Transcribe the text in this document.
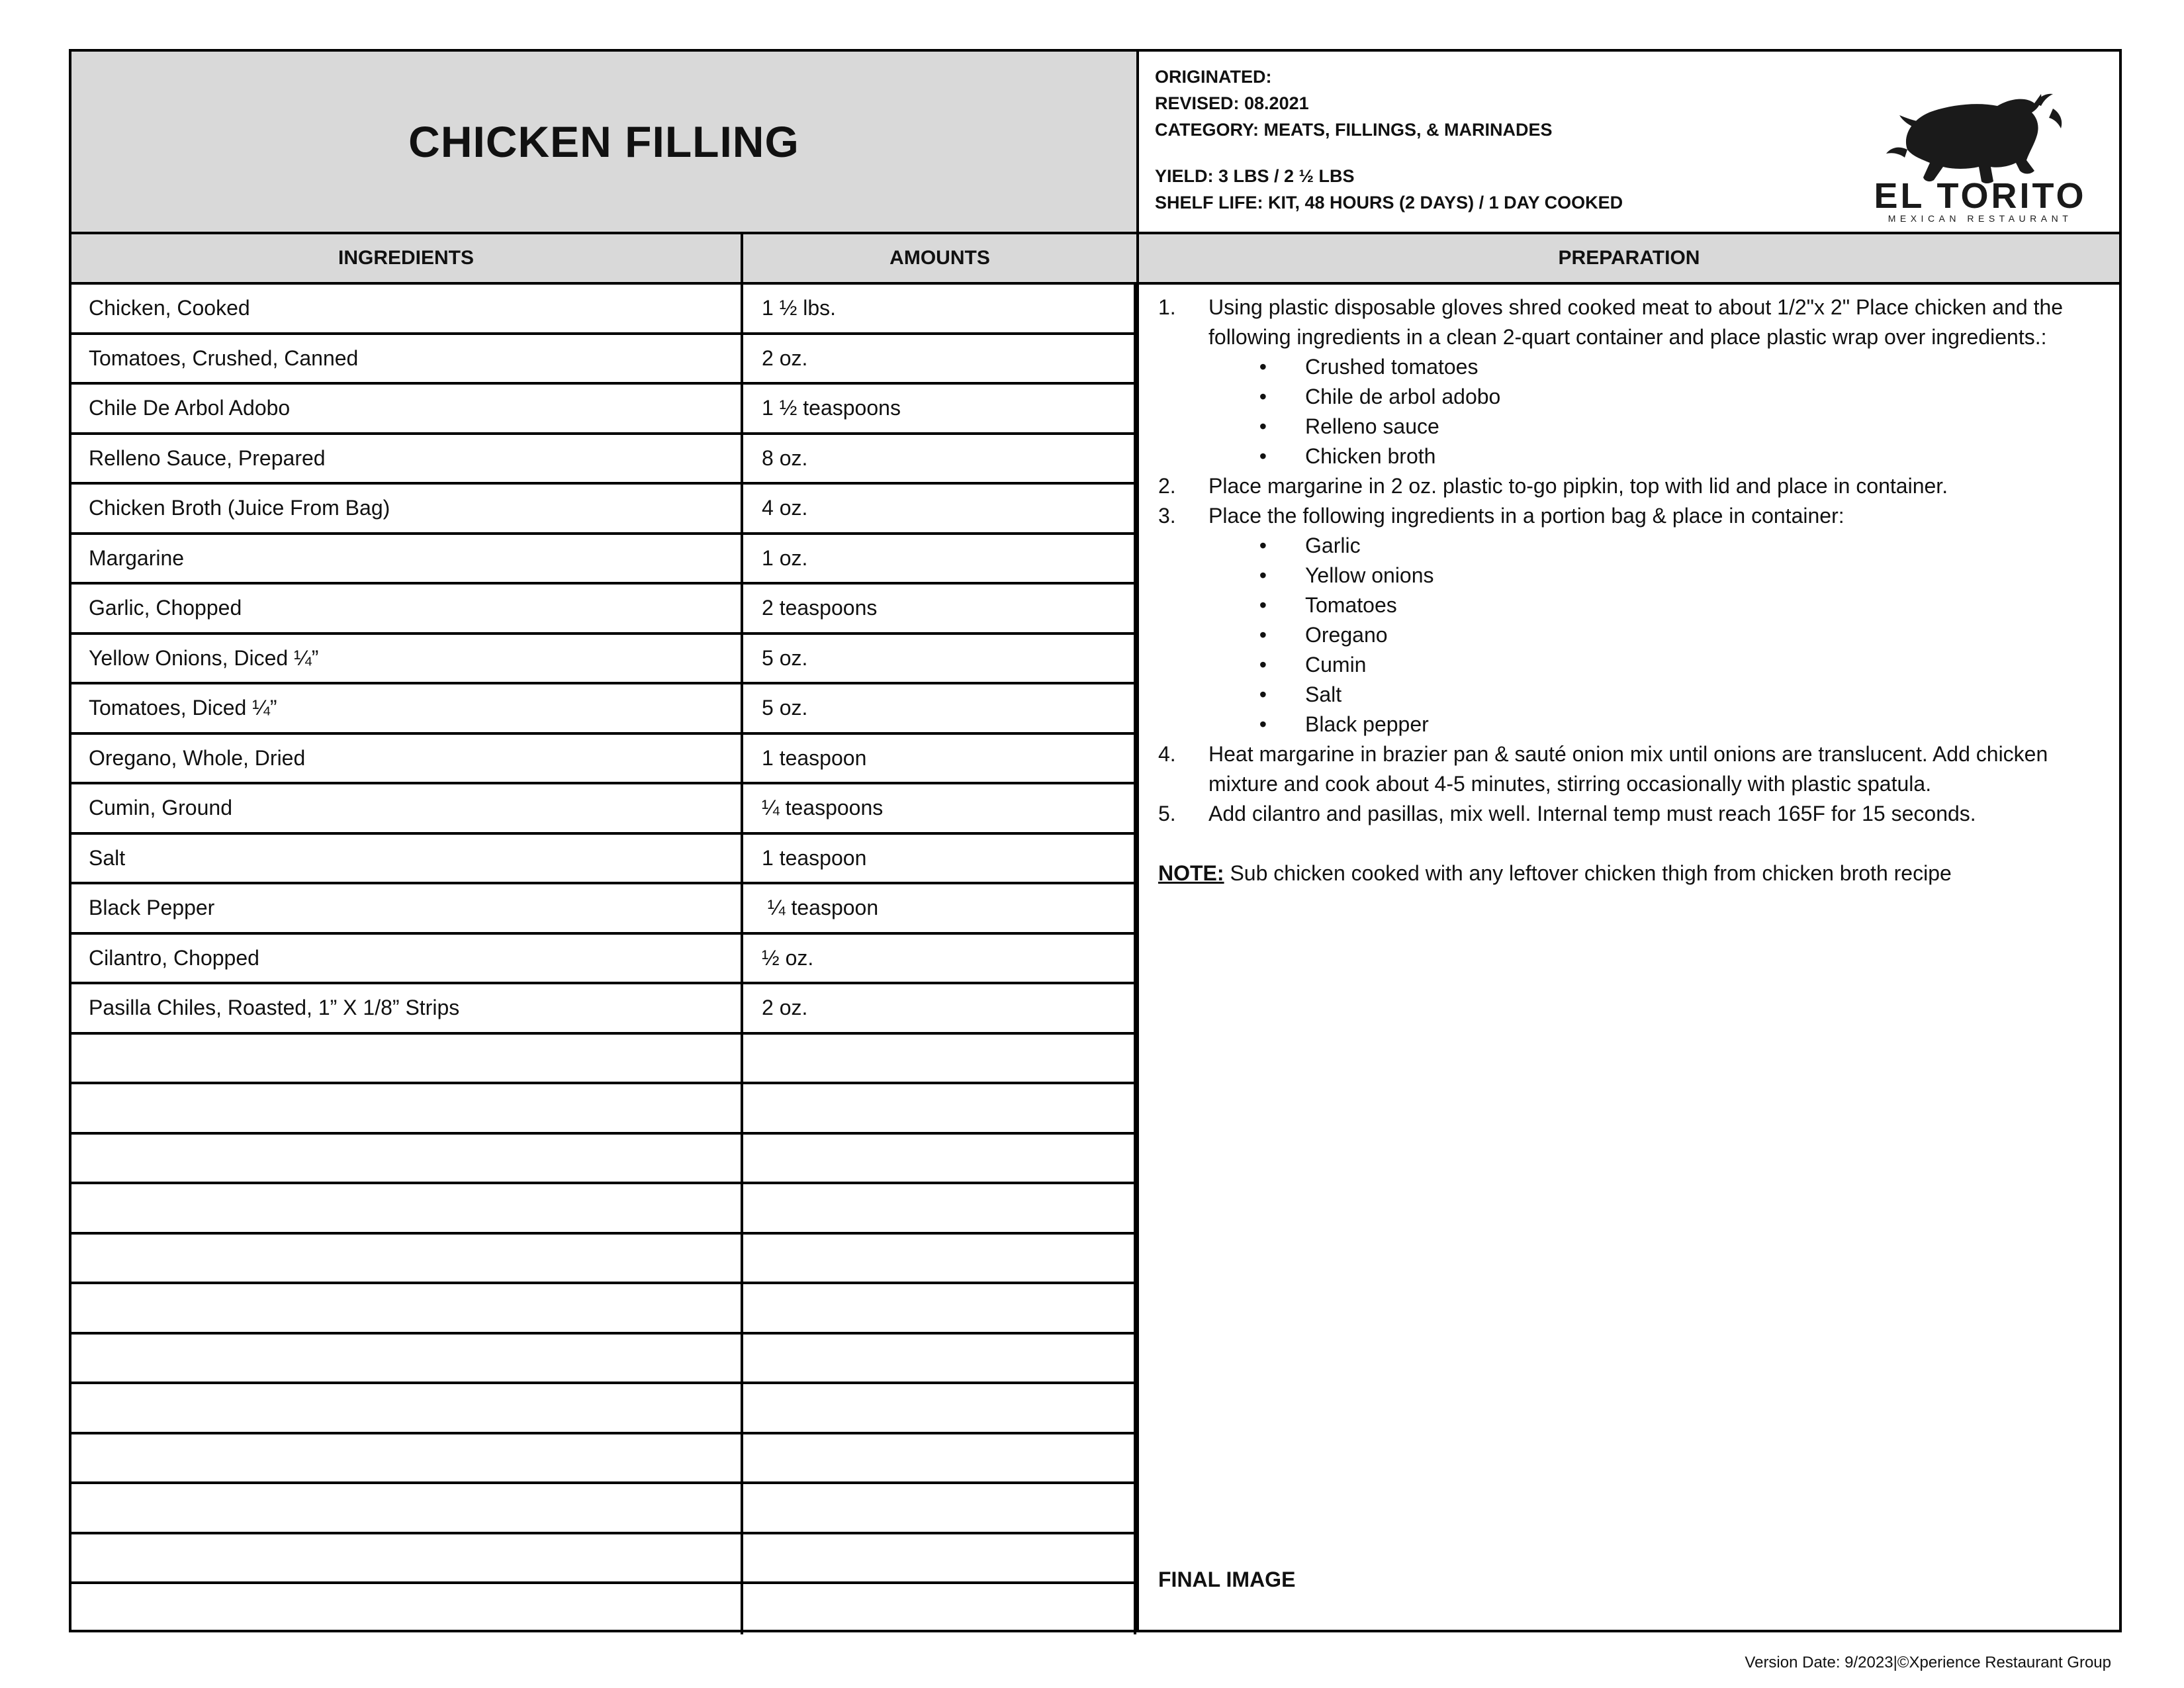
CHICKEN FILLING
ORIGINATED:
REVISED: 08.2021
CATEGORY: MEATS, FILLINGS, & MARINADES
YIELD: 3 LBS / 2 ½ LBS
SHELF LIFE: KIT, 48 HOURS (2 DAYS) / 1 DAY COOKED	EL TORITO
MEXICAN RESTAURANT
INGREDIENTS	AMOUNTS	PREPARATION
Chicken, Cooked	1 ½ lbs.
Tomatoes, Crushed, Canned	2 oz.
Chile De Arbol Adobo	1 ½ teaspoons
Relleno Sauce, Prepared	8 oz.
Chicken Broth (Juice From Bag)	4 oz.
Margarine	1 oz.
Garlic, Chopped	2 teaspoons
Yellow Onions, Diced ¼”	5 oz.
Tomatoes, Diced ¼”	5 oz.
Oregano, Whole, Dried	1 teaspoon
Cumin, Ground	¼ teaspoons
Salt	1 teaspoon
Black Pepper	¼ teaspoon
Cilantro, Chopped	½ oz.
Pasilla Chiles, Roasted, 1” X 1/8” Strips	2 oz.
1.	Using plastic disposable gloves shred cooked meat to about 1/2"x 2" Place chicken and the following ingredients in a clean 2-quart container and place plastic wrap over ingredients.:
•	Crushed tomatoes
•	Chile de arbol adobo
•	Relleno sauce
•	Chicken broth
2.	Place margarine in 2 oz. plastic to-go pipkin, top with lid and place in container.
3.	Place the following ingredients in a portion bag & place in container:
•	Garlic
•	Yellow onions
•	Tomatoes
•	Oregano
•	Cumin
•	Salt
•	Black pepper
4.	Heat margarine in brazier pan & sauté onion mix until onions are translucent. Add chicken mixture and cook about 4-5 minutes, stirring occasionally with plastic spatula.
5.	Add cilantro and pasillas, mix well. Internal temp must reach 165F for 15 seconds.
NOTE: Sub chicken cooked with any leftover chicken thigh from chicken broth recipe
FINAL IMAGE
Version Date: 9/2023|©Xperience Restaurant Group
